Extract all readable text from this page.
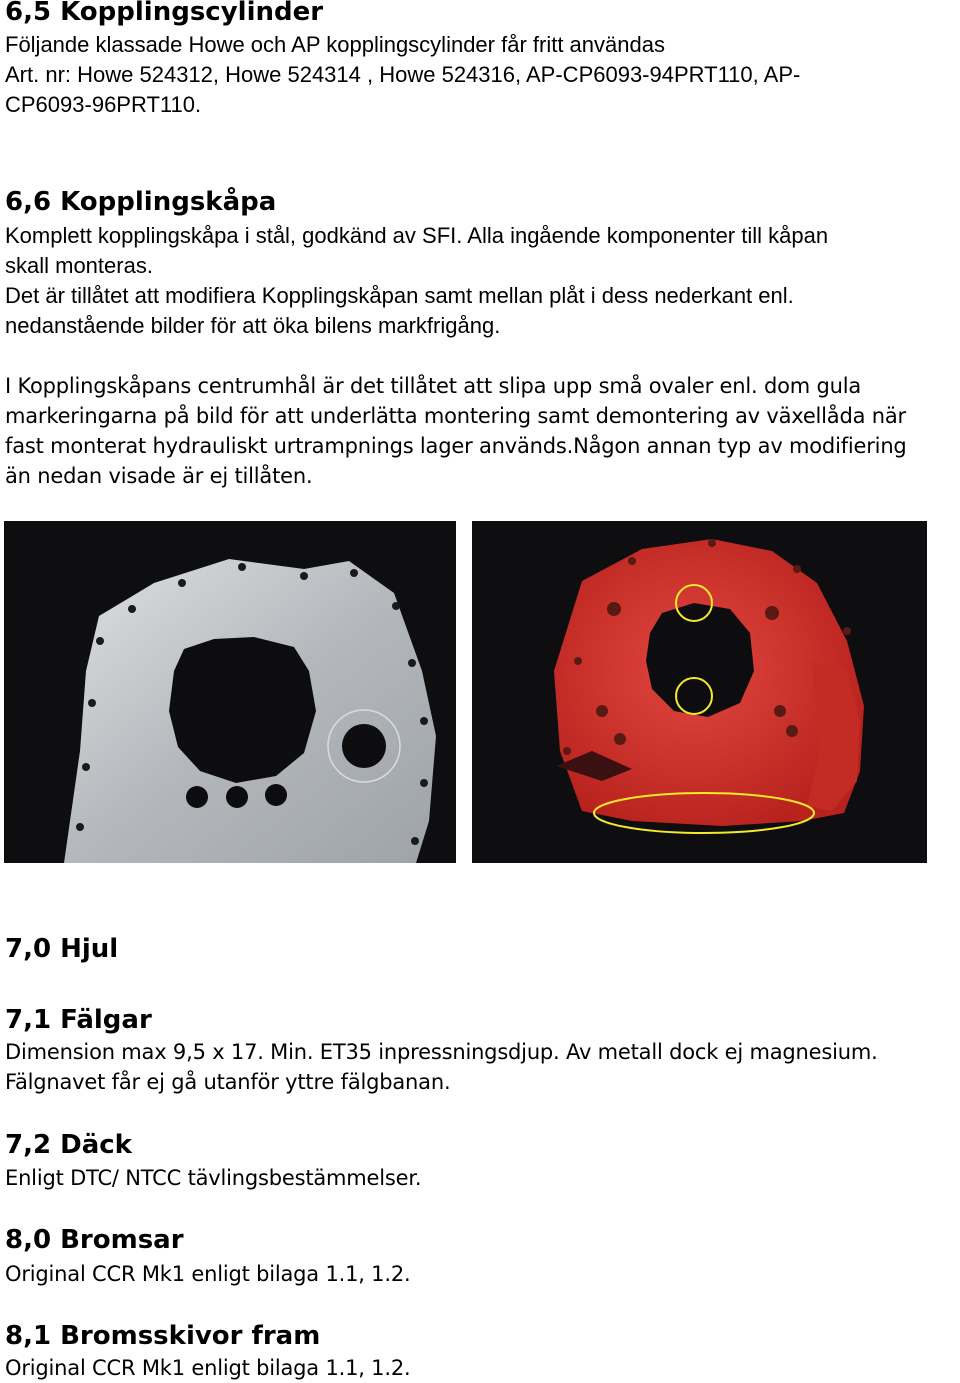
6,5 Kopplingscylinder
Följande klassade Howe och AP kopplingscylinder får fritt användas
Art. nr: Howe 524312, Howe 524314 , Howe 524316, AP-CP6093-94PRT110, AP-
CP6093-96PRT110.
6,6 Kopplingskåpa
Komplett kopplingskåpa i stål, godkänd av SFI. Alla ingående komponenter till kåpan
skall monteras.
Det är tillåtet att modifiera Kopplingskåpan samt mellan plåt i dess nederkant enl.
nedanstående bilder för att öka bilens markfrigång.
I Kopplingskåpans centrumhål är det tillåtet att slipa upp små ovaler enl. dom gula
markeringarna på bild för att underlätta montering samt demontering av växellåda när
fast monterat hydrauliskt urtrampnings lager används.Någon annan typ av modifiering
än nedan visade är ej tillåten.
7,0 Hjul
7,1 Fälgar
Dimension max 9,5 x 17. Min. ET35 inpressningsdjup. Av metall dock ej magnesium.
Fälgnavet får ej gå utanför yttre fälgbanan.
7,2 Däck
Enligt DTC/ NTCC tävlingsbestämmelser.
8,0 Bromsar
Original CCR Mk1 enligt bilaga 1.1, 1.2.
8,1 Bromsskivor fram
Original CCR Mk1 enligt bilaga 1.1, 1.2.
